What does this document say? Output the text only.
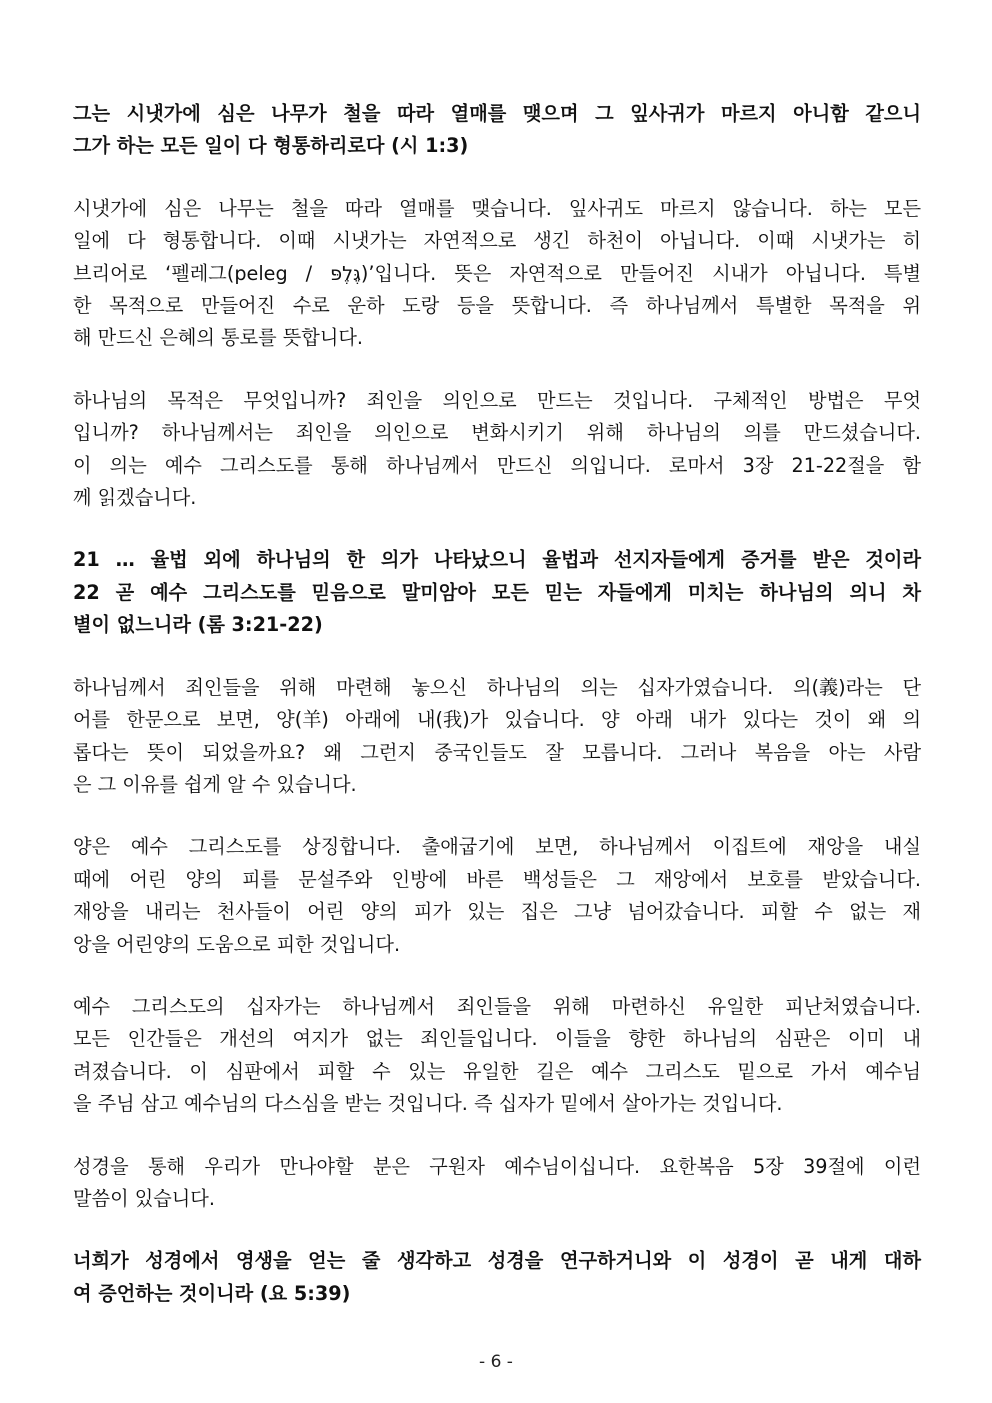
그는 시냇가에 심은 나무가 철을 따라 열매를 맺으며 그 잎사귀가 마르지 아니함 같으니
그가 하는 모든 일이 다 형통하리로다 (시 1:3)

시냇가에 심은 나무는 철을 따라 열매를 맺습니다. 잎사귀도 마르지 않습니다. 하는 모든
일에 다 형통합니다. 이때 시냇가는 자연적으로 생긴 하천이 아닙니다. 이때 시냇가는 히
브리어로 ‘펠레그(peleg / גֶּלֶפּ)’입니다. 뜻은 자연적으로 만들어진 시내가 아닙니다. 특별
한 목적으로 만들어진 수로 운하 도랑 등을 뜻합니다. 즉 하나님께서 특별한 목적을 위
해 만드신 은혜의 통로를 뜻합니다.

하나님의 목적은 무엇입니까? 죄인을 의인으로 만드는 것입니다. 구체적인 방법은 무엇
입니까? 하나님께서는 죄인을 의인으로 변화시키기 위해 하나님의 의를 만드셨습니다.
이 의는 예수 그리스도를 통해 하나님께서 만드신 의입니다. 로마서 3장 21-22절을 함
께 읽겠습니다.

21 … 율법 외에 하나님의 한 의가 나타났으니 율법과 선지자들에게 증거를 받은 것이라
22 곧 예수 그리스도를 믿음으로 말미암아 모든 믿는 자들에게 미치는 하나님의 의니 차
별이 없느니라 (롬 3:21-22)

하나님께서 죄인들을 위해 마련해 놓으신 하나님의 의는 십자가였습니다. 의(義)라는 단
어를 한문으로 보면, 양(羊) 아래에 내(我)가 있습니다. 양 아래 내가 있다는 것이 왜 의
롭다는 뜻이 되었을까요? 왜 그런지 중국인들도 잘 모릅니다. 그러나 복음을 아는 사람
은 그 이유를 쉽게 알 수 있습니다.

양은 예수 그리스도를 상징합니다. 출애굽기에 보면, 하나님께서 이집트에 재앙을 내실
때에 어린 양의 피를 문설주와 인방에 바른 백성들은 그 재앙에서 보호를 받았습니다.
재앙을 내리는 천사들이 어린 양의 피가 있는 집은 그냥 넘어갔습니다. 피할 수 없는 재
앙을 어린양의 도움으로 피한 것입니다.

예수 그리스도의 십자가는 하나님께서 죄인들을 위해 마련하신 유일한 피난처였습니다.
모든 인간들은 개선의 여지가 없는 죄인들입니다. 이들을 향한 하나님의 심판은 이미 내
려졌습니다. 이 심판에서 피할 수 있는 유일한 길은 예수 그리스도 밑으로 가서 예수님
을 주님 삼고 예수님의 다스심을 받는 것입니다. 즉 십자가 밑에서 살아가는 것입니다.

성경을 통해 우리가 만나야할 분은 구원자 예수님이십니다. 요한복음 5장 39절에 이런
말씀이 있습니다.

너희가 성경에서 영생을 얻는 줄 생각하고 성경을 연구하거니와 이 성경이 곧 내게 대하
여 증언하는 것이니라 (요 5:39)

- 6 -
